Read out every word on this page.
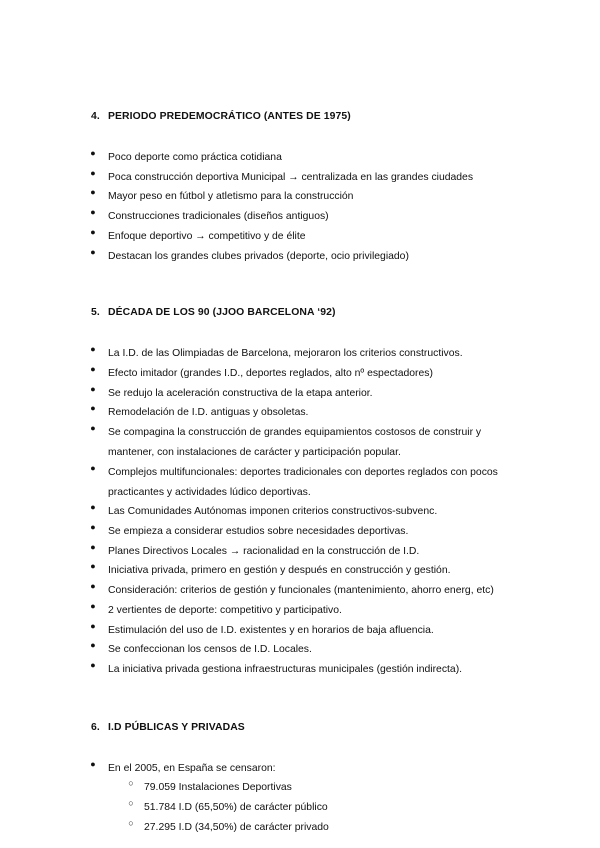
4. PERIODO PREDEMOCRÁTICO (ANTES DE 1975)
● Poco deporte como práctica cotidiana
● Poca construcción deportiva Municipal → centralizada en las grandes ciudades
● Mayor peso en fútbol y atletismo para la construcción
● Construcciones tradicionales (diseños antiguos)
● Enfoque deportivo → competitivo y de élite
● Destacan los grandes clubes privados (deporte, ocio privilegiado)
5. DÉCADA DE LOS 90 (JJOO BARCELONA ‘92)
● La I.D. de las Olimpiadas de Barcelona, mejoraron los criterios constructivos.
● Efecto imitador (grandes I.D., deportes reglados, alto nº espectadores)
● Se redujo la aceleración constructiva de la etapa anterior.
● Remodelación de I.D. antiguas y obsoletas.
● Se compagina la construcción de grandes equipamientos costosos de construir y mantener, con instalaciones de carácter y participación popular.
● Complejos multifuncionales: deportes tradicionales con deportes reglados con pocos practicantes y actividades lúdico deportivas.
● Las Comunidades Autónomas imponen criterios constructivos-subvenc.
● Se empieza a considerar estudios sobre necesidades deportivas.
● Planes Directivos Locales → racionalidad en la construcción de I.D.
● Iniciativa privada, primero en gestión y después en construcción y gestión.
● Consideración: criterios de gestión y funcionales (mantenimiento, ahorro energ, etc)
● 2 vertientes de deporte: competitivo y participativo.
● Estimulación del uso de I.D. existentes y en horarios de baja afluencia.
● Se confeccionan los censos de I.D. Locales.
● La iniciativa privada gestiona infraestructuras municipales (gestión indirecta).
6. I.D PÚBLICAS Y PRIVADAS
● En el 2005, en España se censaron:
○ 79.059 Instalaciones Deportivas
○ 51.784 I.D (65,50%) de carácter público
○ 27.295 I.D (34,50%) de carácter privado
